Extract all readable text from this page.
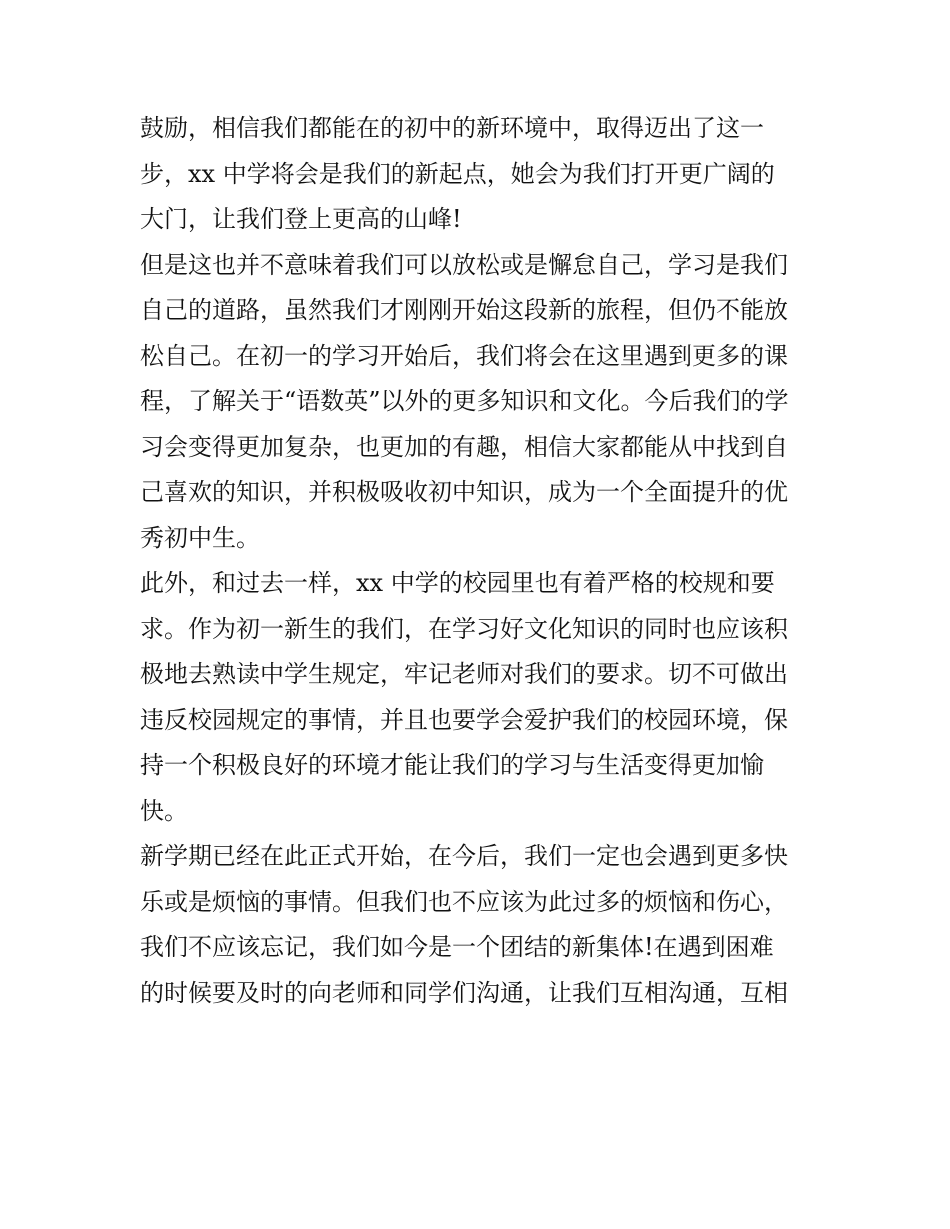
鼓励，相信我们都能在的初中的新环境中，取得迈出了这一
步，xx 中学将会是我们的新起点，她会为我们打开更广阔的
大门，让我们登上更高的山峰!
但是这也并不意味着我们可以放松或是懈怠自己，学习是我们
自己的道路，虽然我们才刚刚开始这段新的旅程，但仍不能放
松自己。在初一的学习开始后，我们将会在这里遇到更多的课
程，了解关于“语数英”以外的更多知识和文化。今后我们的学
习会变得更加复杂，也更加的有趣，相信大家都能从中找到自
己喜欢的知识，并积极吸收初中知识，成为一个全面提升的优
秀初中生。
此外，和过去一样，xx 中学的校园里也有着严格的校规和要
求。作为初一新生的我们，在学习好文化知识的同时也应该积
极地去熟读中学生规定，牢记老师对我们的要求。切不可做出
违反校园规定的事情，并且也要学会爱护我们的校园环境，保
持一个积极良好的环境才能让我们的学习与生活变得更加愉
快。
新学期已经在此正式开始，在今后，我们一定也会遇到更多快
乐或是烦恼的事情。但我们也不应该为此过多的烦恼和伤心，
我们不应该忘记，我们如今是一个团结的新集体!在遇到困难
的时候要及时的向老师和同学们沟通，让我们互相沟通，互相
